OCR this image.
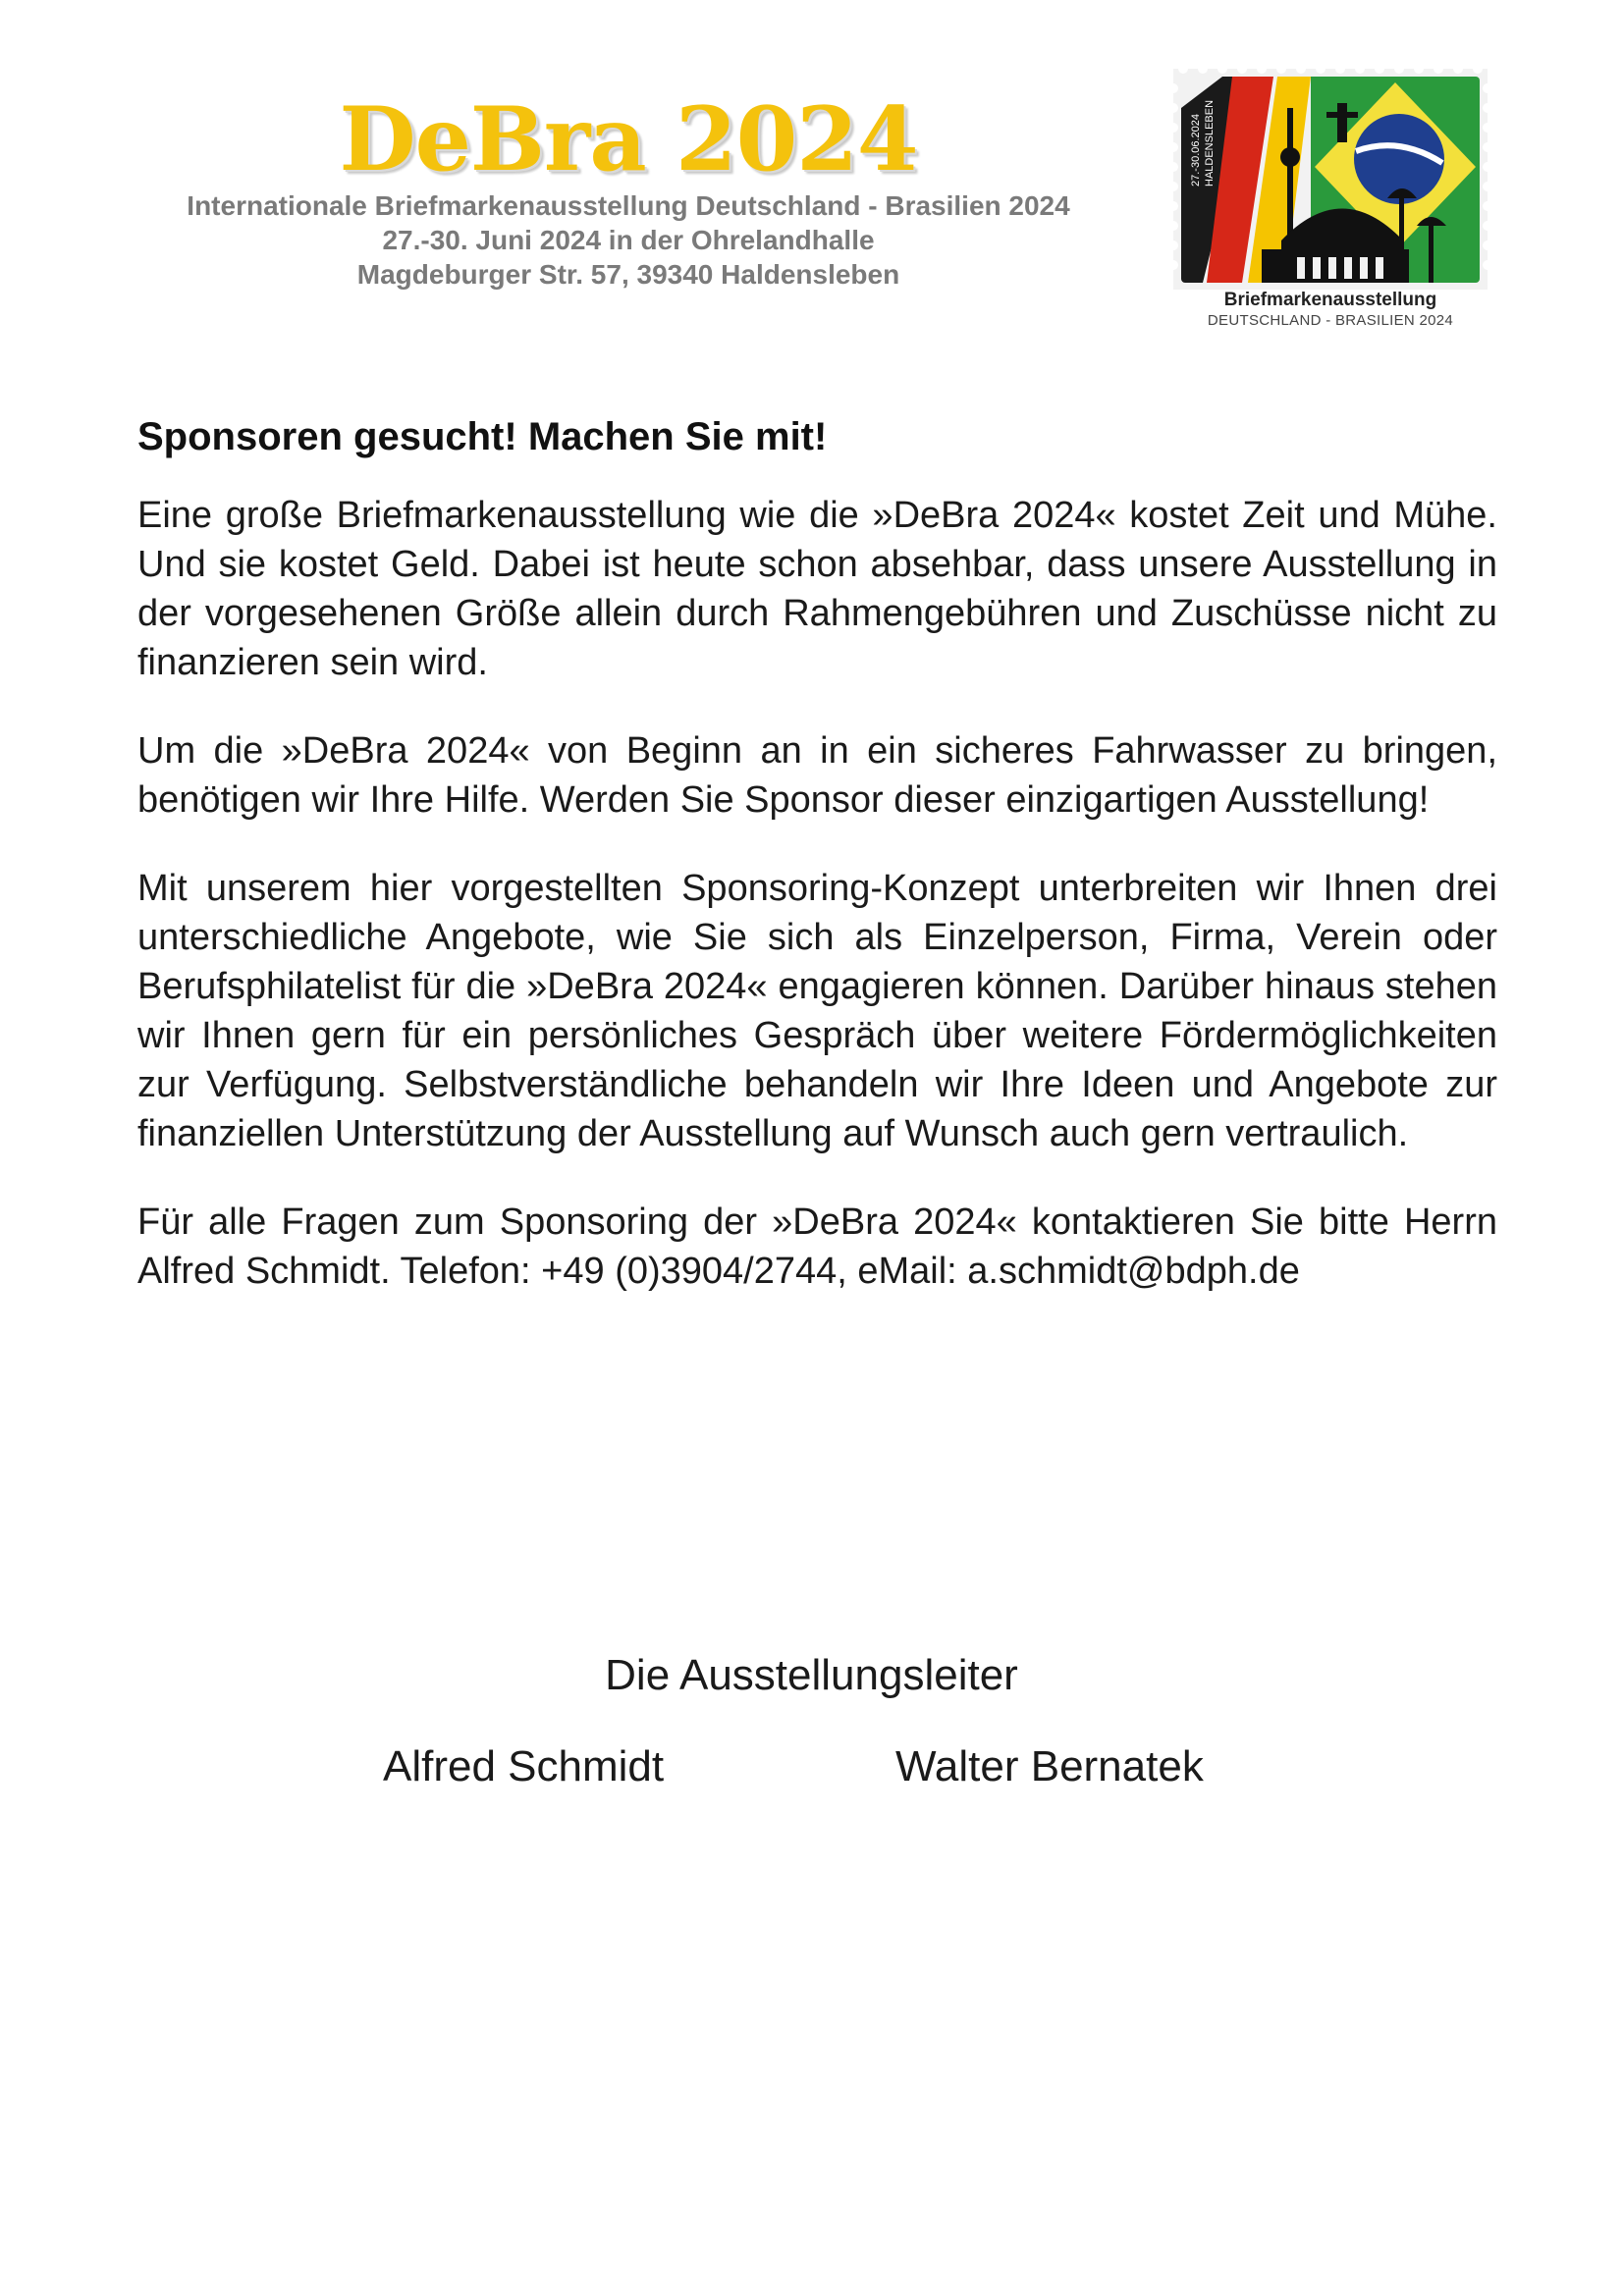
DeBra 2024

Internationale Briefmarkenausstellung Deutschland - Brasilien 2024

27.-30. Juni 2024 in der Ohrelandhalle

Magdeburger Str. 57, 39340 Haldensleben

27.-30.06.2024 HALDENSLEBEN
Briefmarkenausstellung
DEUTSCHLAND - BRASILIEN 2024
Sponsoren gesucht! Machen Sie mit!

Eine große Briefmarkenausstellung wie die »DeBra 2024« kostet Zeit und Mühe. Und sie kostet Geld. Dabei ist heute schon absehbar, dass unsere Ausstellung in der vorgesehenen Größe allein durch Rahmengebühren und Zuschüsse nicht zu finanzieren sein wird.

Um die »DeBra 2024« von Beginn an in ein sicheres Fahrwasser zu bringen, benötigen wir Ihre Hilfe. Werden Sie Sponsor dieser einzigartigen Ausstellung!

Mit unserem hier vorgestellten Sponsoring-Konzept unterbreiten wir Ihnen drei unterschiedliche Angebote, wie Sie sich als Einzelperson, Firma, Verein oder Berufsphilatelist für die »DeBra 2024« engagieren können. Darüber hinaus stehen wir Ihnen gern für ein persönliches Gespräch über weitere Fördermöglichkeiten zur Verfügung. Selbstverständliche behandeln wir Ihre Ideen und Angebote zur finanziellen Unterstützung der Ausstellung auf Wunsch auch gern vertraulich.

Für alle Fragen zum Sponsoring der »DeBra 2024« kontaktieren Sie bitte Herrn Alfred Schmidt. Telefon: +49 (0)3904/2744, eMail: a.schmidt@bdph.de

Die Ausstellungsleiter
Alfred Schmidt	Walter Bernatek
